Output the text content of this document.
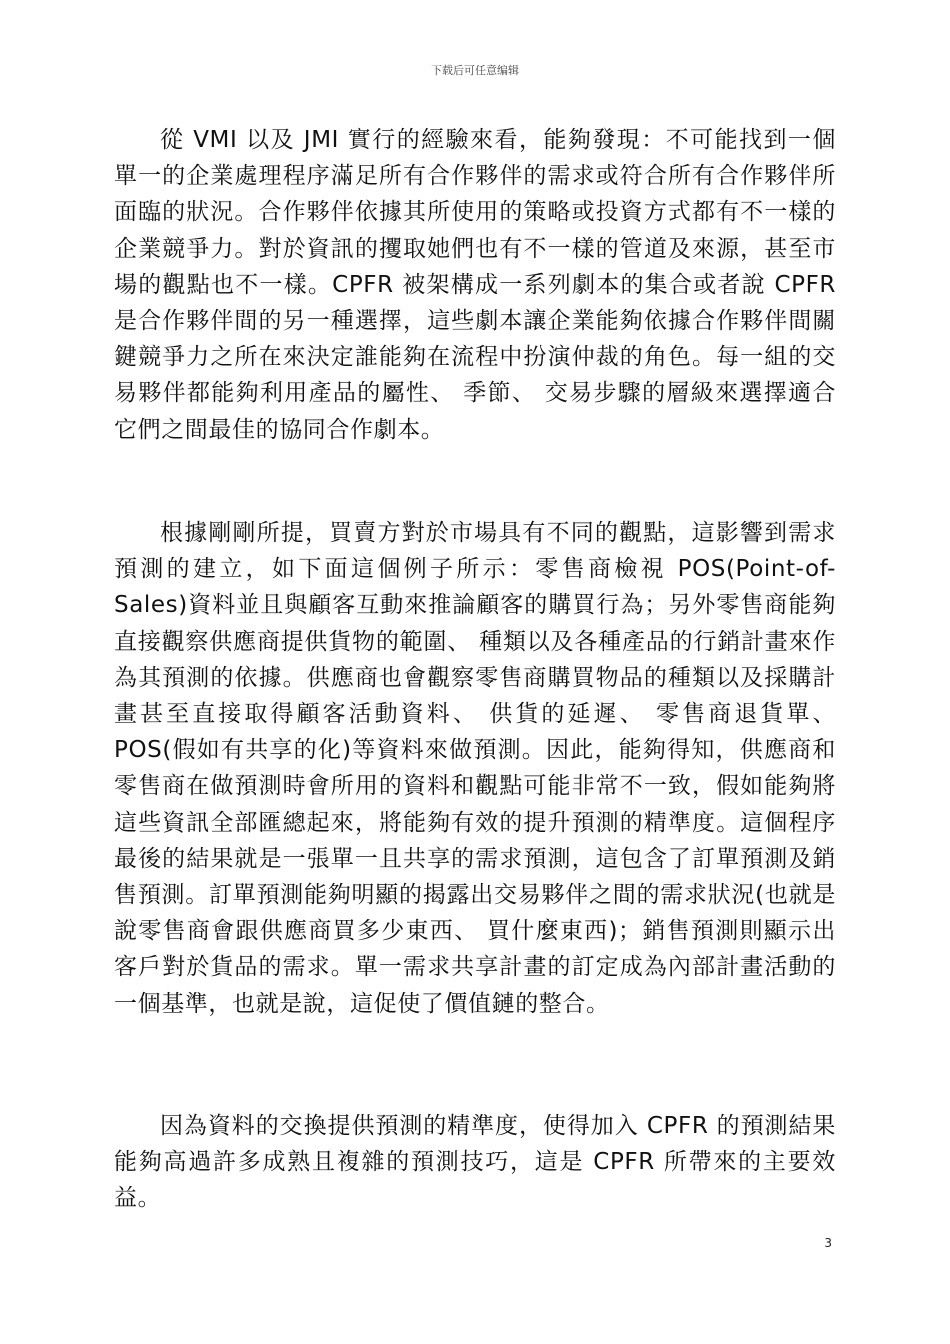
下载后可任意编辑

從 VMI 以及 JMI 實行的經驗來看，能夠發現：不可能找到一個單一的企業處理程序滿足所有合作夥伴的需求或符合所有合作夥伴所面臨的狀況。合作夥伴依據其所使用的策略或投資方式都有不一樣的企業競爭力。對於資訊的攫取她們也有不一樣的管道及來源，甚至市場的觀點也不一樣。CPFR 被架構成一系列劇本的集合或者說 CPFR 是合作夥伴間的另一種選擇，這些劇本讓企業能夠依據合作夥伴間關鍵競爭力之所在來決定誰能夠在流程中扮演仲裁的角色。每一組的交易夥伴都能夠利用產品的屬性、 季節、 交易步驟的層級來選擇適合它們之間最佳的協同合作劇本。

根據剛剛所提，買賣方對於市場具有不同的觀點，這影響到需求預測的建立，如下面這個例子所示：零售商檢視 POS(Point-of-Sales)資料並且與顧客互動來推論顧客的購買行為；另外零售商能夠直接觀察供應商提供貨物的範圍、 種類以及各種產品的行銷計畫來作為其預測的依據。供應商也會觀察零售商購買物品的種類以及採購計畫甚至直接取得顧客活動資料、 供貨的延遲、 零售商退貨單、 POS(假如有共享的化)等資料來做預測。因此，能夠得知，供應商和零售商在做預測時會所用的資料和觀點可能非常不一致，假如能夠將這些資訊全部匯總起來，將能夠有效的提升預測的精準度。這個程序最後的結果就是一張單一且共享的需求預測，這包含了訂單預測及銷售預測。訂單預測能夠明顯的揭露出交易夥伴之間的需求狀況(也就是說零售商會跟供應商買多少東西、 買什麼東西)；銷售預測則顯示出客戶對於貨品的需求。單一需求共享計畫的訂定成為內部計畫活動的一個基準，也就是說，這促使了價值鏈的整合。

因為資料的交換提供預測的精準度，使得加入 CPFR 的預測結果能夠高過許多成熟且複雜的預測技巧，這是 CPFR 所帶來的主要效益。

3
